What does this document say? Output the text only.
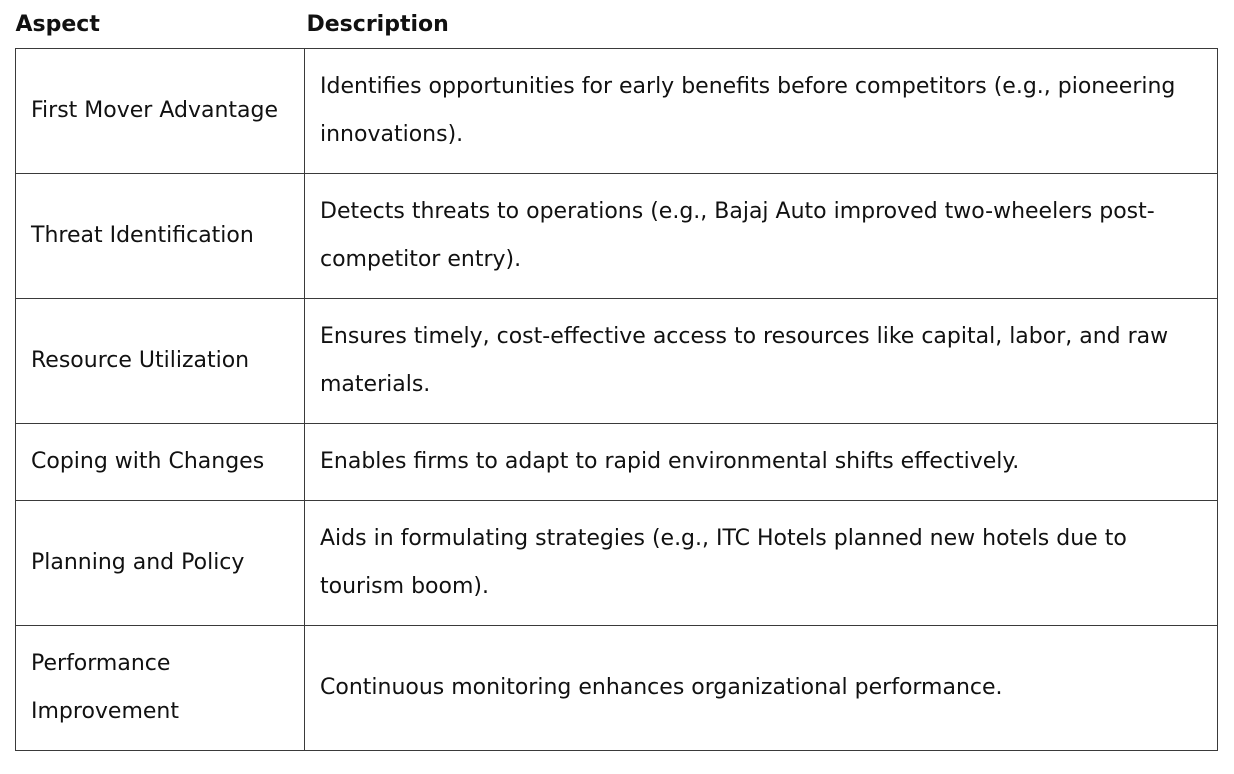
Aspect	Description
First Mover Advantage	Identifies opportunities for early benefits before competitors (e.g., pioneering innovations).
Threat Identification	Detects threats to operations (e.g., Bajaj Auto improved two-wheelers post-competitor entry).
Resource Utilization	Ensures timely, cost-effective access to resources like capital, labor, and raw materials.
Coping with Changes	Enables firms to adapt to rapid environmental shifts effectively.
Planning and Policy	Aids in formulating strategies (e.g., ITC Hotels planned new hotels due to tourism boom).
Performance Improvement	Continuous monitoring enhances organizational performance.
